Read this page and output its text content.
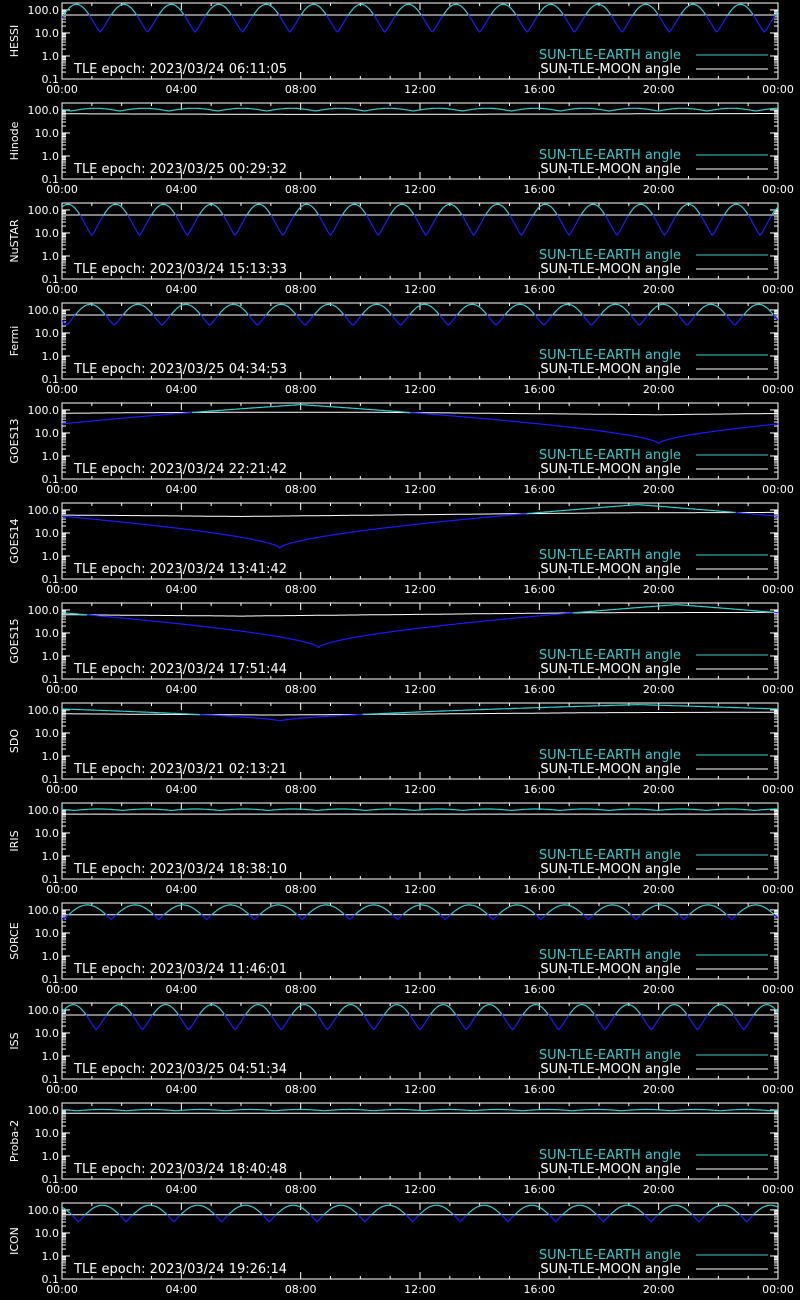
100.0
10.0
1.0
0.1
00:00	04:00	08:00	12:00	16:00	20:00	00:00
HESSI
TLE epoch: 2023/03/24 06:11:05
SUN-TLE-EARTH angle
SUN-TLE-MOON angle
100.0
10.0
1.0
0.1
00:00	04:00	08:00	12:00	16:00	20:00	00:00
Hinode
TLE epoch: 2023/03/25 00:29:32
SUN-TLE-EARTH angle
SUN-TLE-MOON angle
100.0
10.0
1.0
0.1
00:00	04:00	08:00	12:00	16:00	20:00	00:00
NuSTAR
TLE epoch: 2023/03/24 15:13:33
SUN-TLE-EARTH angle
SUN-TLE-MOON angle
100.0
10.0
1.0
0.1
00:00	04:00	08:00	12:00	16:00	20:00	00:00
Fermi
TLE epoch: 2023/03/25 04:34:53
SUN-TLE-EARTH angle
SUN-TLE-MOON angle
100.0
10.0
1.0
0.1
00:00	04:00	08:00	12:00	16:00	20:00	00:00
GOES13
TLE epoch: 2023/03/24 22:21:42
SUN-TLE-EARTH angle
SUN-TLE-MOON angle
100.0
10.0
1.0
0.1
00:00	04:00	08:00	12:00	16:00	20:00	00:00
GOES14
TLE epoch: 2023/03/24 13:41:42
SUN-TLE-EARTH angle
SUN-TLE-MOON angle
100.0
10.0
1.0
0.1
00:00	04:00	08:00	12:00	16:00	20:00	00:00
GOES15
TLE epoch: 2023/03/24 17:51:44
SUN-TLE-EARTH angle
SUN-TLE-MOON angle
100.0
10.0
1.0
0.1
00:00	04:00	08:00	12:00	16:00	20:00	00:00
SDO
TLE epoch: 2023/03/21 02:13:21
SUN-TLE-EARTH angle
SUN-TLE-MOON angle
100.0
10.0
1.0
0.1
00:00	04:00	08:00	12:00	16:00	20:00	00:00
IRIS
TLE epoch: 2023/03/24 18:38:10
SUN-TLE-EARTH angle
SUN-TLE-MOON angle
100.0
10.0
1.0
0.1
00:00	04:00	08:00	12:00	16:00	20:00	00:00
SORCE
TLE epoch: 2023/03/24 11:46:01
SUN-TLE-EARTH angle
SUN-TLE-MOON angle
100.0
10.0
1.0
0.1
00:00	04:00	08:00	12:00	16:00	20:00	00:00
ISS
TLE epoch: 2023/03/25 04:51:34
SUN-TLE-EARTH angle
SUN-TLE-MOON angle
100.0
10.0
1.0
0.1
00:00	04:00	08:00	12:00	16:00	20:00	00:00
Proba-2
TLE epoch: 2023/03/24 18:40:48
SUN-TLE-EARTH angle
SUN-TLE-MOON angle
100.0
10.0
1.0
0.1
00:00	04:00	08:00	12:00	16:00	20:00	00:00
ICON
TLE epoch: 2023/03/24 19:26:14
SUN-TLE-EARTH angle
SUN-TLE-MOON angle
